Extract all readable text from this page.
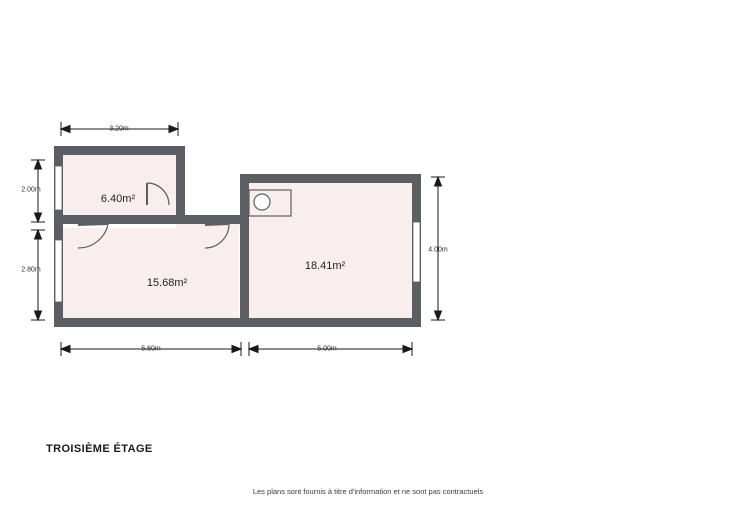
6.40m²
15.68m²
18.41m²
3.20m
2.00m
2.80m
4.00m
5.60m	5.00m
TROISIÈME ÉTAGE
Les plans sont fournis à titre d'information et ne sont pas contractuels
